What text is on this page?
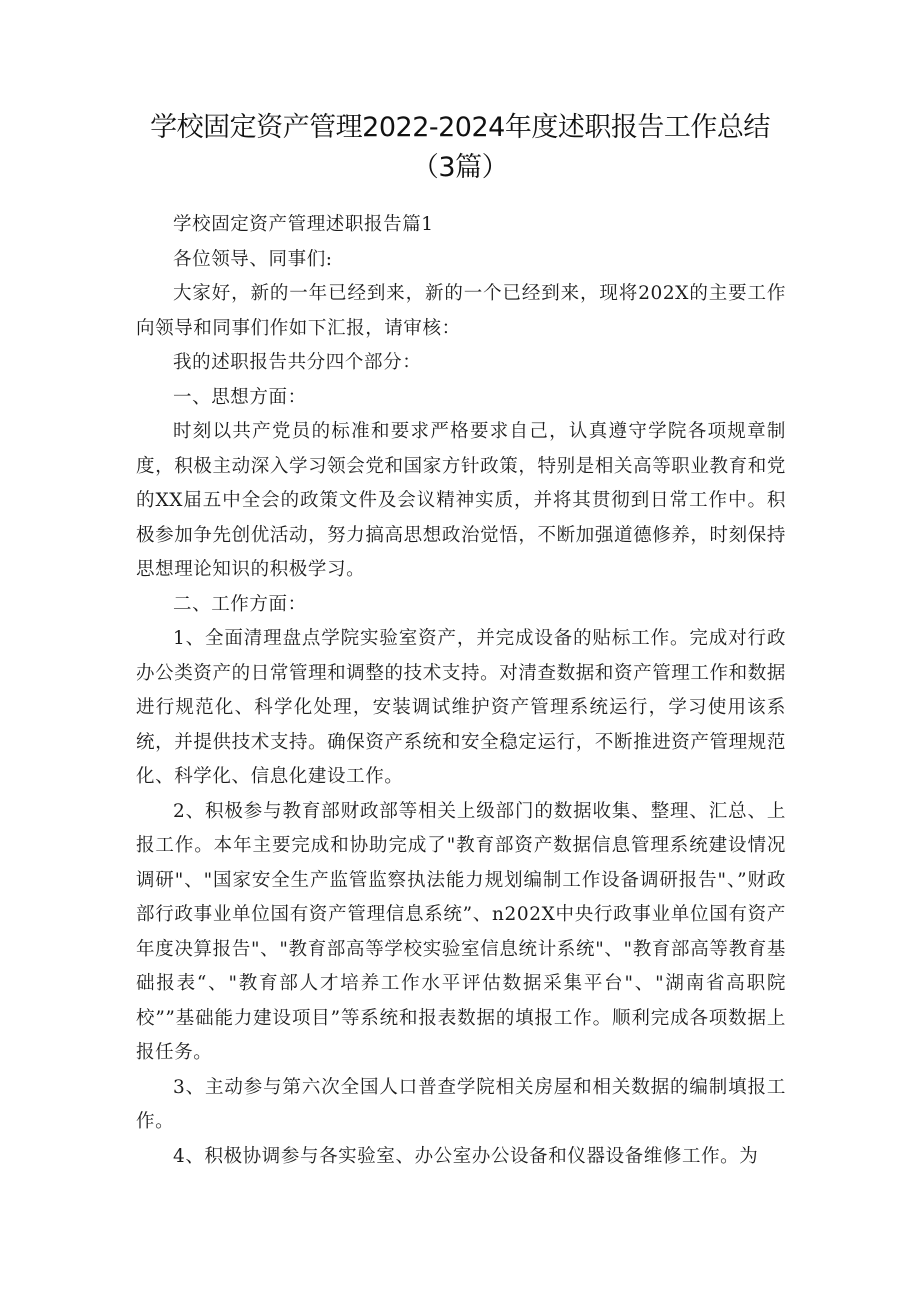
学校固定资产管理2022-2024年度述职报告工作总结（3篇）

学校固定资产管理述职报告篇1

各位领导、同事们:

大家好，新的一年已经到来，新的一个已经到来，现将202X的主要工作向领导和同事们作如下汇报，请审核：

我的述职报告共分四个部分：

一、思想方面：

时刻以共产党员的标准和要求严格要求自己，认真遵守学院各项规章制度，积极主动深入学习领会党和国家方针政策，特别是相关高等职业教育和党的XX届五中全会的政策文件及会议精神实质，并将其贯彻到日常工作中。积极参加争先创优活动，努力搞高思想政治觉悟，不断加强道德修养，时刻保持思想理论知识的积极学习。

二、工作方面：

1、全面清理盘点学院实验室资产，并完成设备的贴标工作。完成对行政办公类资产的日常管理和调整的技术支持。对清查数据和资产管理工作和数据进行规范化、科学化处理，安装调试维护资产管理系统运行，学习使用该系统，并提供技术支持。确保资产系统和安全稳定运行，不断推进资产管理规范化、科学化、信息化建设工作。

2、积极参与教育部财政部等相关上级部门的数据收集、整理、汇总、上报工作。本年主要完成和协助完成了"教育部资产数据信息管理系统建设情况调研"、"国家安全生产监管监察执法能力规划编制工作设备调研报告"、”财政部行政事业单位国有资产管理信息系统”、n202X中央行政事业单位国有资产年度决算报告"、"教育部高等学校实验室信息统计系统"、"教育部高等教育基础报表“、"教育部人才培养工作水平评估数据采集平台"、"湖南省高职院校””基础能力建设项目”等系统和报表数据的填报工作。顺利完成各项数据上报任务。

3、主动参与第六次全国人口普查学院相关房屋和相关数据的编制填报工作。

4、积极协调参与各实验室、办公室办公设备和仪器设备维修工作。为
